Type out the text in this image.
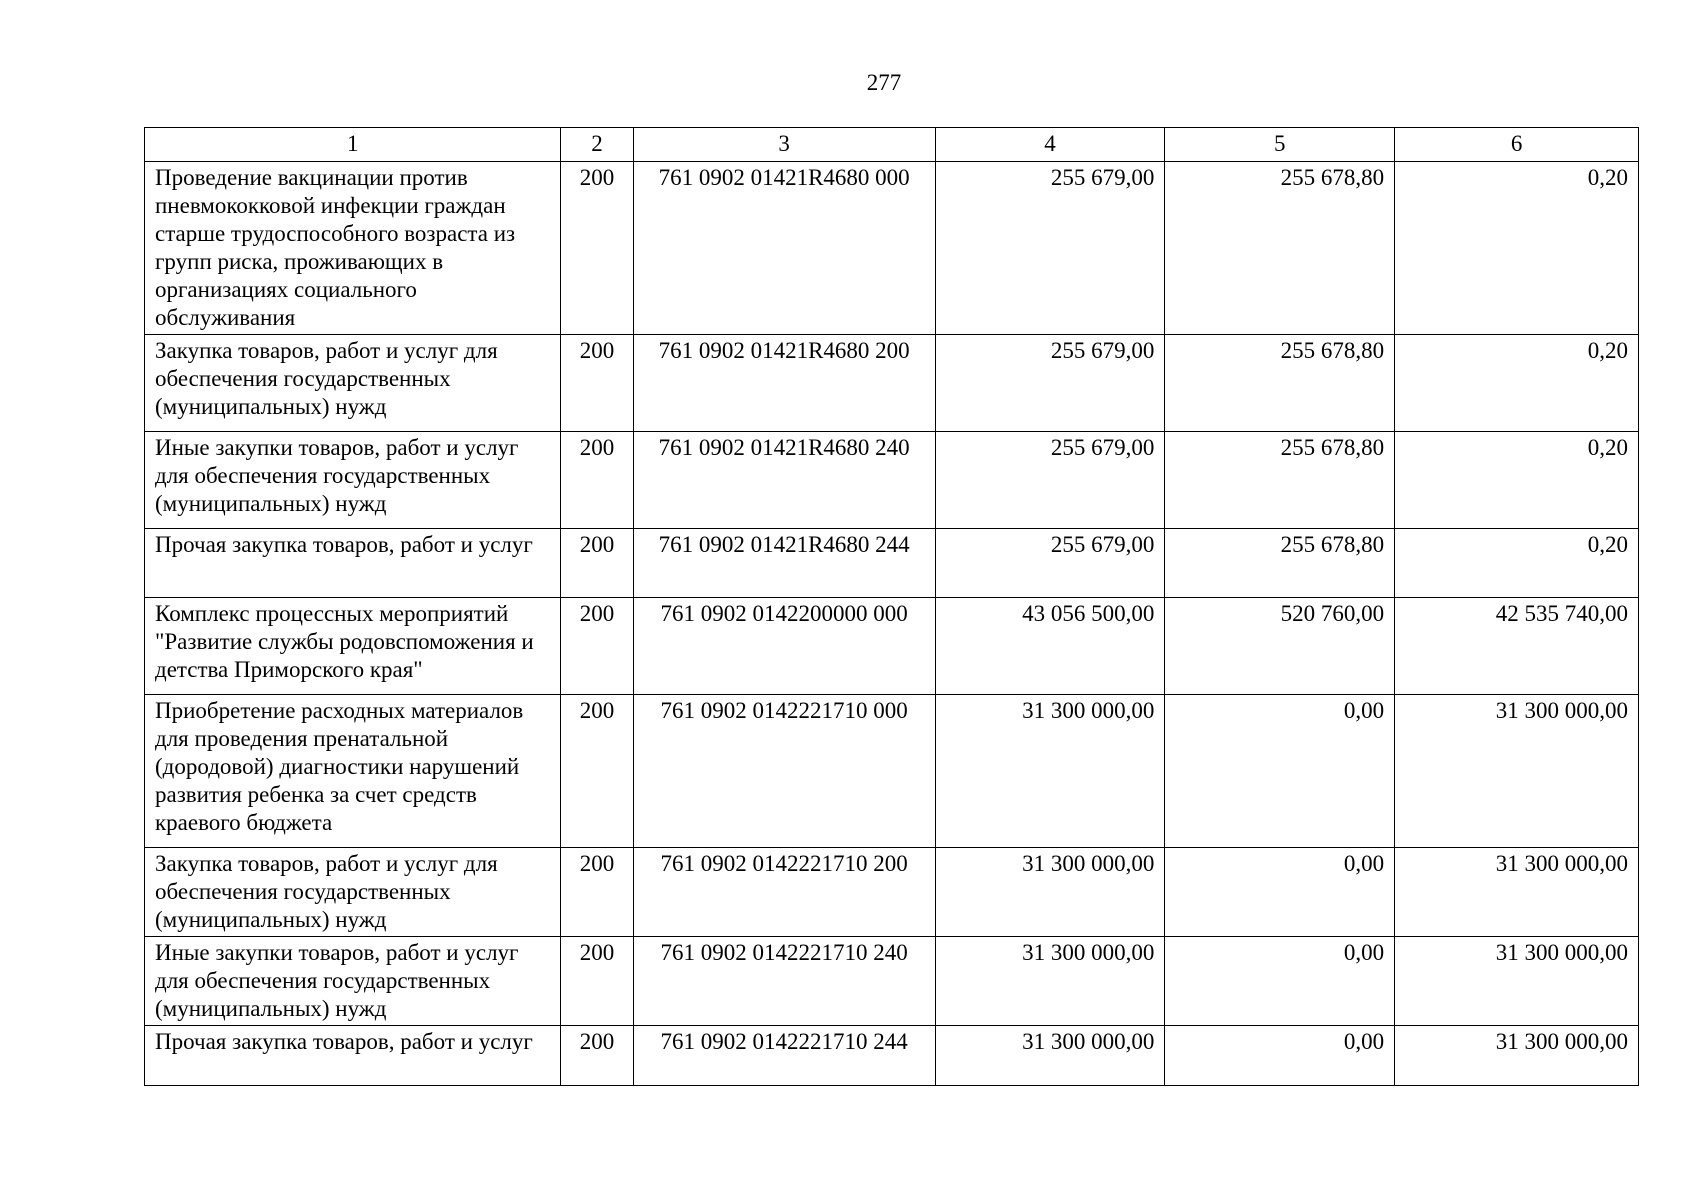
277
1	2	3	4	5	6
Проведение вакцинации против пневмококковой инфекции граждан старше трудоспособного возраста из групп риска, проживающих в организациях социального обслуживания	200	761 0902 01421R4680 000	255 679,00	255 678,80	0,20
Закупка товаров, работ и услуг для обеспечения государственных (муниципальных) нужд	200	761 0902 01421R4680 200	255 679,00	255 678,80	0,20
Иные закупки товаров, работ и услуг для обеспечения государственных (муниципальных) нужд	200	761 0902 01421R4680 240	255 679,00	255 678,80	0,20
Прочая закупка товаров, работ и услуг	200	761 0902 01421R4680 244	255 679,00	255 678,80	0,20
Комплекс процессных мероприятий "Развитие службы родовспоможения и детства Приморского края"	200	761 0902 0142200000 000	43 056 500,00	520 760,00	42 535 740,00
Приобретение расходных материалов для проведения пренатальной (дородовой) диагностики нарушений развития ребенка за счет средств краевого бюджета	200	761 0902 0142221710 000	31 300 000,00	0,00	31 300 000,00
Закупка товаров, работ и услуг для обеспечения государственных (муниципальных) нужд	200	761 0902 0142221710 200	31 300 000,00	0,00	31 300 000,00
Иные закупки товаров, работ и услуг для обеспечения государственных (муниципальных) нужд	200	761 0902 0142221710 240	31 300 000,00	0,00	31 300 000,00
Прочая закупка товаров, работ и услуг	200	761 0902 0142221710 244	31 300 000,00	0,00	31 300 000,00
